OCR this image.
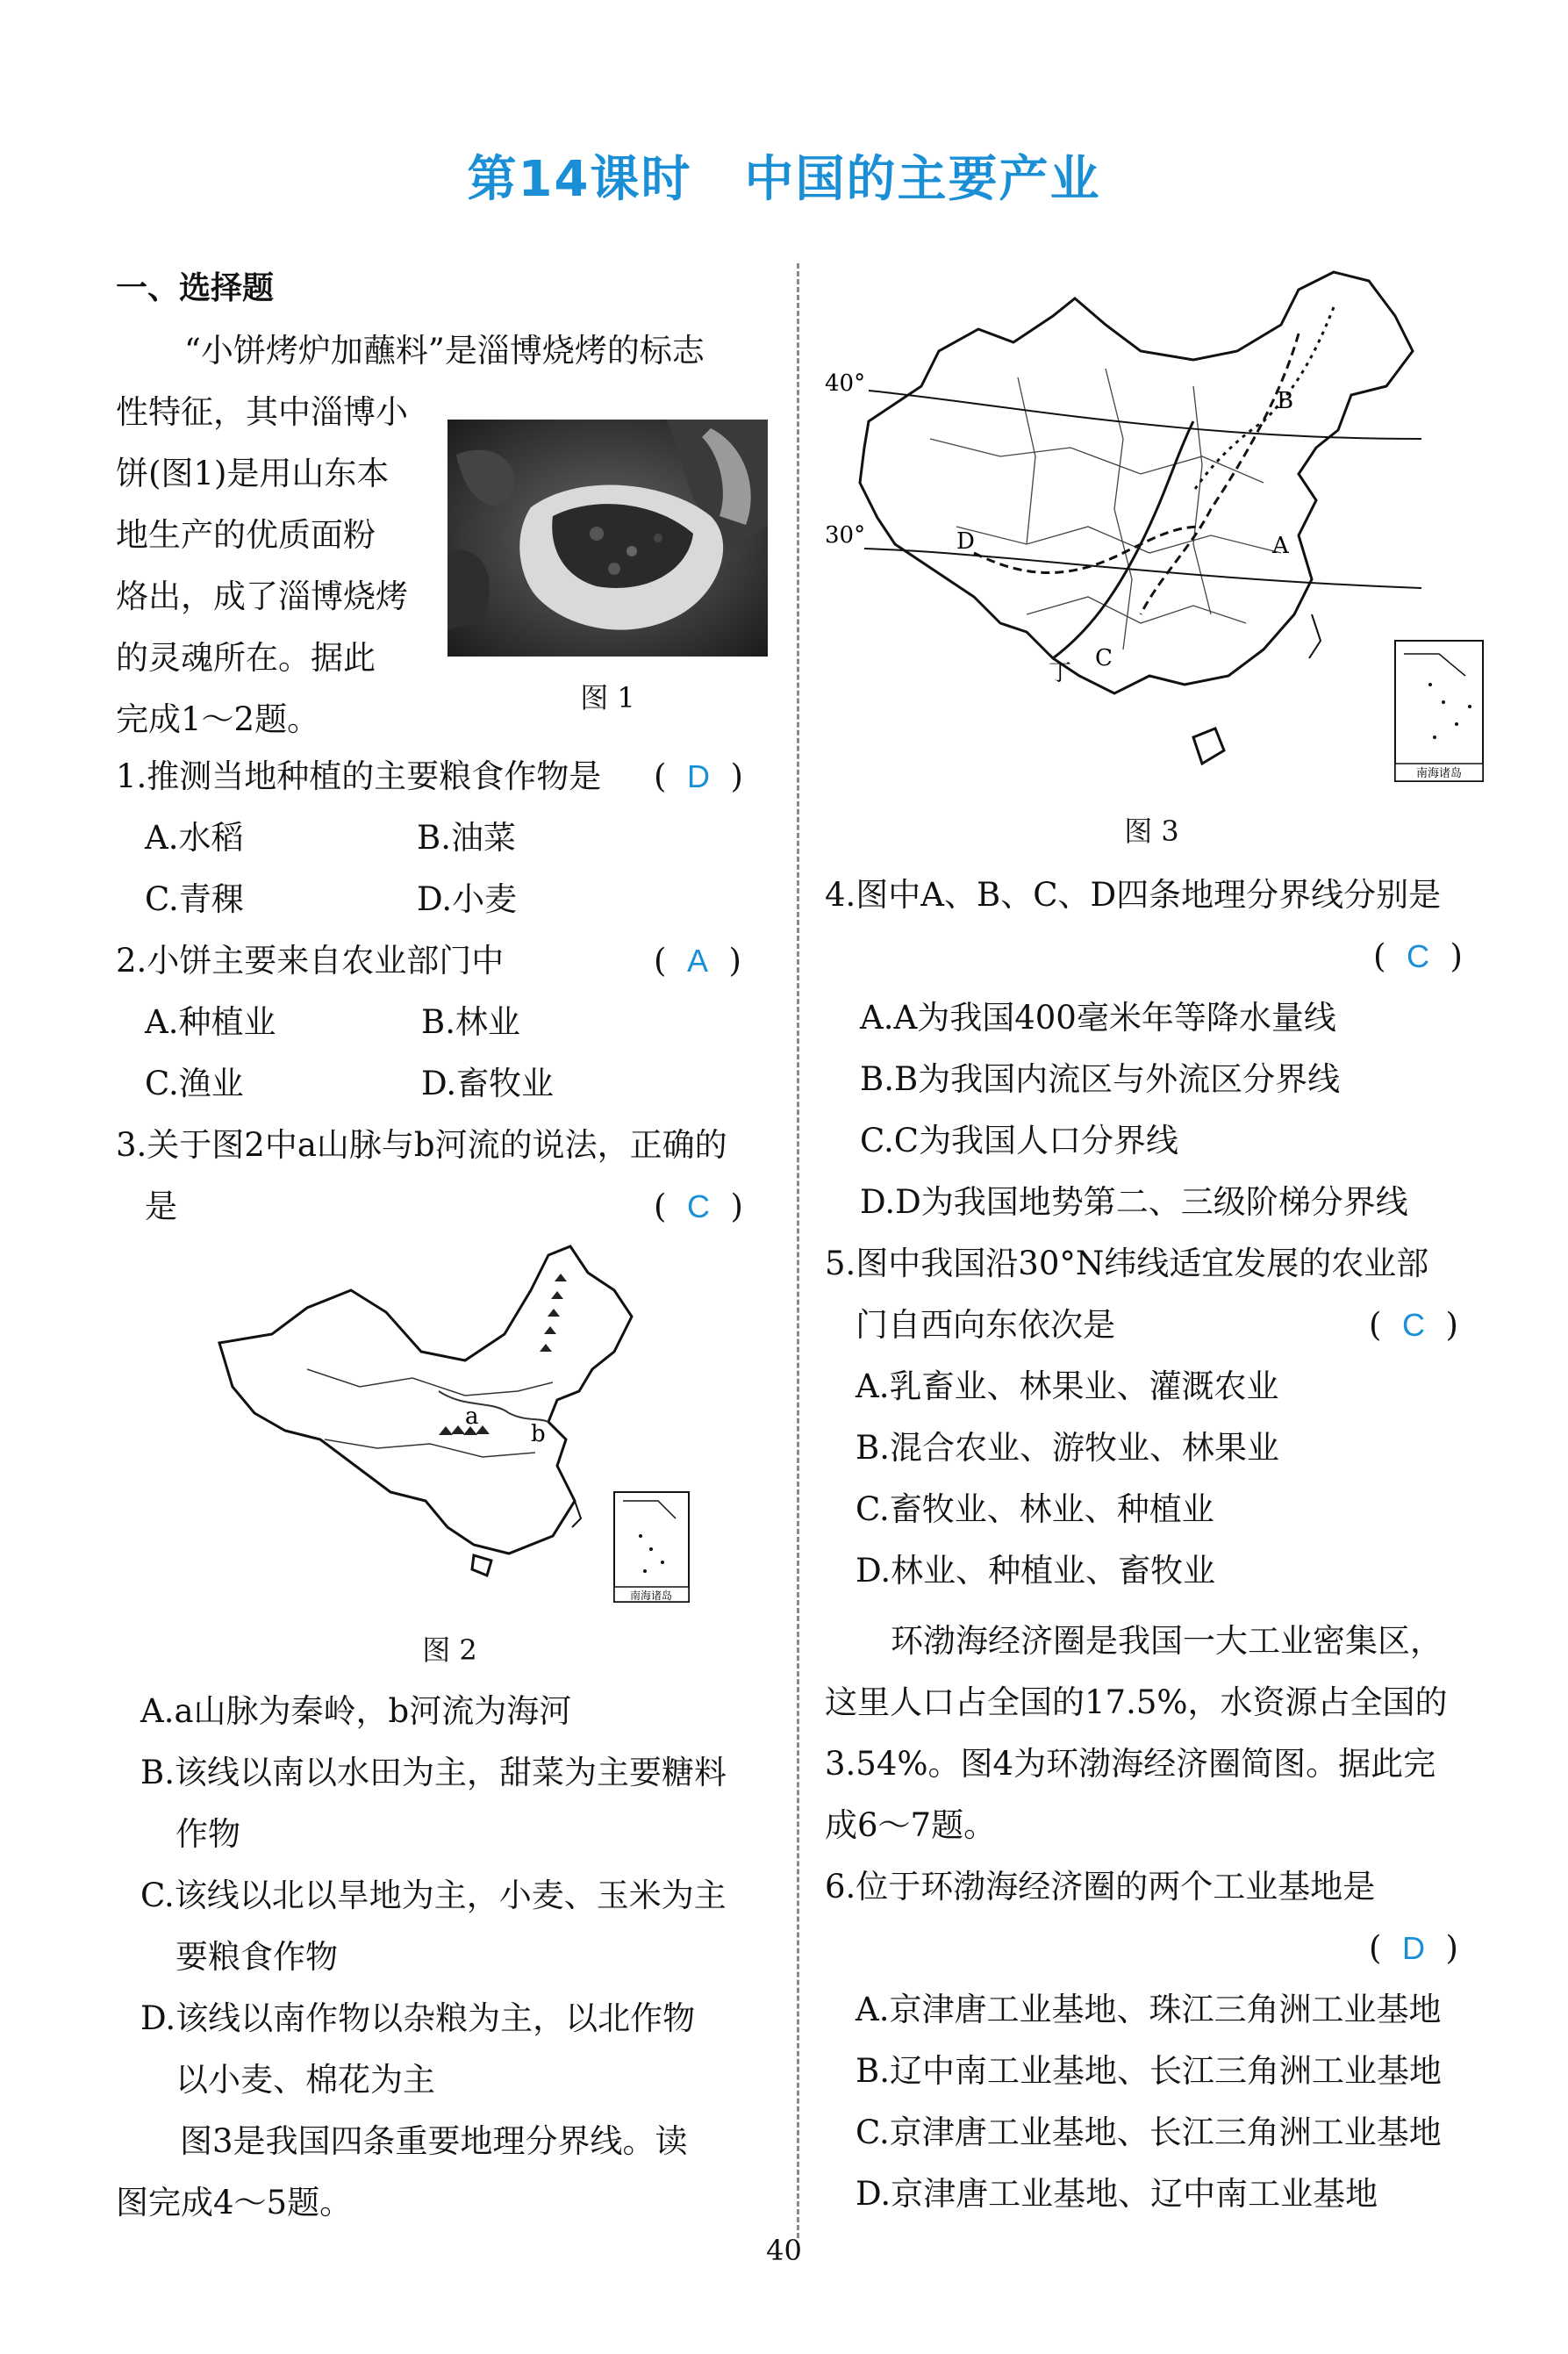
第14课时 中国的主要产业
一、选择题
“小饼烤炉加蘸料”是淄博烧烤的标志
性特征，其中淄博小
饼(图1)是用山东本
地生产的优质面粉
烙出，成了淄博烧烤
的灵魂所在。据此
完成1～2题。
图 1
1.推测当地种植的主要粮食作物是 (  D  )
A.水稻	B.油菜
C.青稞	D.小麦
2.小饼主要来自农业部门中	(  A  )
A.种植业	B.林业
C.渔业	D.畜牧业
3.关于图2中a山脉与b河流的说法，正确的
是	(  C  )
a
b
南海诸岛
图 2
A.a山脉为秦岭，b河流为海河
B.该线以南以水田为主，甜菜为主要糖料
作物
C.该线以北以旱地为主，小麦、玉米为主
要粮食作物
D.该线以南作物以杂粮为主，以北作物
以小麦、棉花为主
图3是我国四条重要地理分界线。读
图完成4～5题。
40°
30°
B
A
D
C
丁
南海诸岛
图 3
4.图中A、B、C、D四条地理分界线分别是
(  C  )
A.A为我国400毫米年等降水量线
B.B为我国内流区与外流区分界线
C.C为我国人口分界线
D.D为我国地势第二、三级阶梯分界线
5.图中我国沿30°N纬线适宜发展的农业部
门自西向东依次是	(  C  )
A.乳畜业、林果业、灌溉农业
B.混合农业、游牧业、林果业
C.畜牧业、林业、种植业
D.林业、种植业、畜牧业
环渤海经济圈是我国一大工业密集区，
这里人口占全国的17.5%，水资源占全国的
3.54%。图4为环渤海经济圈简图。据此完
成6～7题。
6.位于环渤海经济圈的两个工业基地是
(  D  )
A.京津唐工业基地、珠江三角洲工业基地
B.辽中南工业基地、长江三角洲工业基地
C.京津唐工业基地、长江三角洲工业基地
D.京津唐工业基地、辽中南工业基地
40
